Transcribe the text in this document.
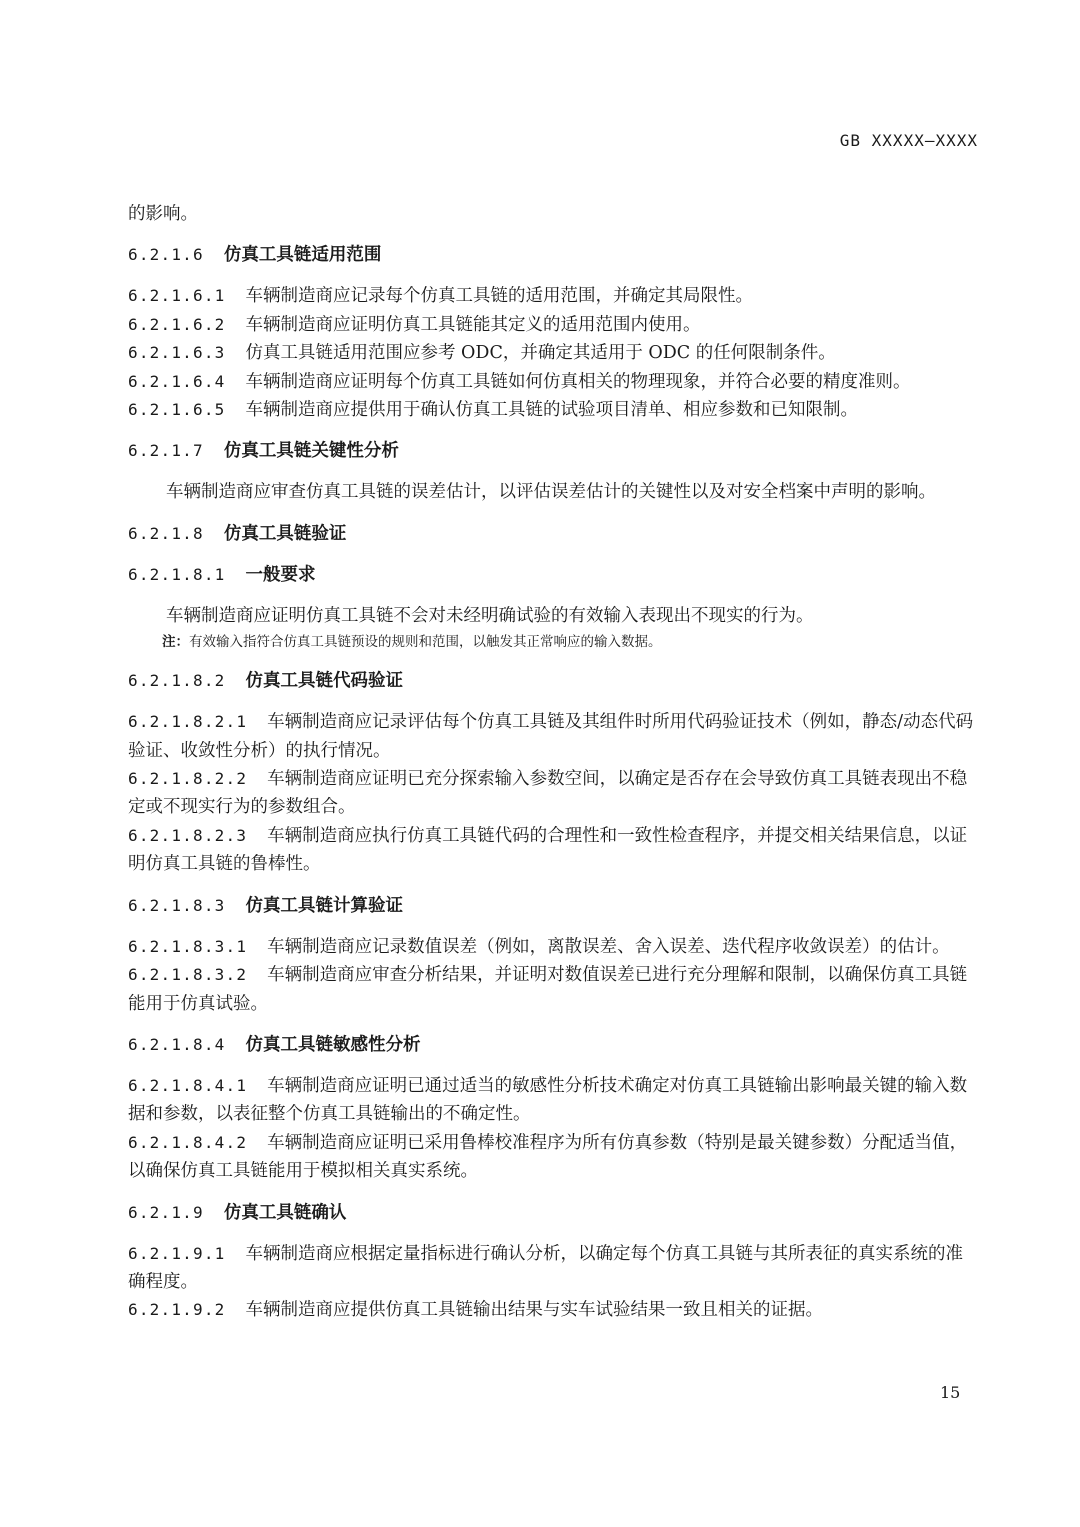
GB XXXXX—XXXX
的影响。
6.2.1.6 仿真工具链适用范围
6.2.1.6.1 车辆制造商应记录每个仿真工具链的适用范围，并确定其局限性。
6.2.1.6.2 车辆制造商应证明仿真工具链能其定义的适用范围内使用。
6.2.1.6.3 仿真工具链适用范围应参考 ODC，并确定其适用于 ODC 的任何限制条件。
6.2.1.6.4 车辆制造商应证明每个仿真工具链如何仿真相关的物理现象，并符合必要的精度准则。
6.2.1.6.5 车辆制造商应提供用于确认仿真工具链的试验项目清单、相应参数和已知限制。
6.2.1.7 仿真工具链关键性分析
车辆制造商应审查仿真工具链的误差估计，以评估误差估计的关键性以及对安全档案中声明的影响。
6.2.1.8 仿真工具链验证
6.2.1.8.1 一般要求
车辆制造商应证明仿真工具链不会对未经明确试验的有效输入表现出不现实的行为。
注：有效输入指符合仿真工具链预设的规则和范围，以触发其正常响应的输入数据。
6.2.1.8.2 仿真工具链代码验证
6.2.1.8.2.1 车辆制造商应记录评估每个仿真工具链及其组件时所用代码验证技术（例如，静态/动态代码验证、收敛性分析）的执行情况。
6.2.1.8.2.2 车辆制造商应证明已充分探索输入参数空间，以确定是否存在会导致仿真工具链表现出不稳定或不现实行为的参数组合。
6.2.1.8.2.3 车辆制造商应执行仿真工具链代码的合理性和一致性检查程序，并提交相关结果信息，以证明仿真工具链的鲁棒性。
6.2.1.8.3 仿真工具链计算验证
6.2.1.8.3.1 车辆制造商应记录数值误差（例如，离散误差、舍入误差、迭代程序收敛误差）的估计。
6.2.1.8.3.2 车辆制造商应审查分析结果，并证明对数值误差已进行充分理解和限制，以确保仿真工具链能用于仿真试验。
6.2.1.8.4 仿真工具链敏感性分析
6.2.1.8.4.1 车辆制造商应证明已通过适当的敏感性分析技术确定对仿真工具链输出影响最关键的输入数据和参数，以表征整个仿真工具链输出的不确定性。
6.2.1.8.4.2 车辆制造商应证明已采用鲁棒校准程序为所有仿真参数（特别是最关键参数）分配适当值，以确保仿真工具链能用于模拟相关真实系统。
6.2.1.9 仿真工具链确认
6.2.1.9.1 车辆制造商应根据定量指标进行确认分析，以确定每个仿真工具链与其所表征的真实系统的准确程度。
6.2.1.9.2 车辆制造商应提供仿真工具链输出结果与实车试验结果一致且相关的证据。
15
